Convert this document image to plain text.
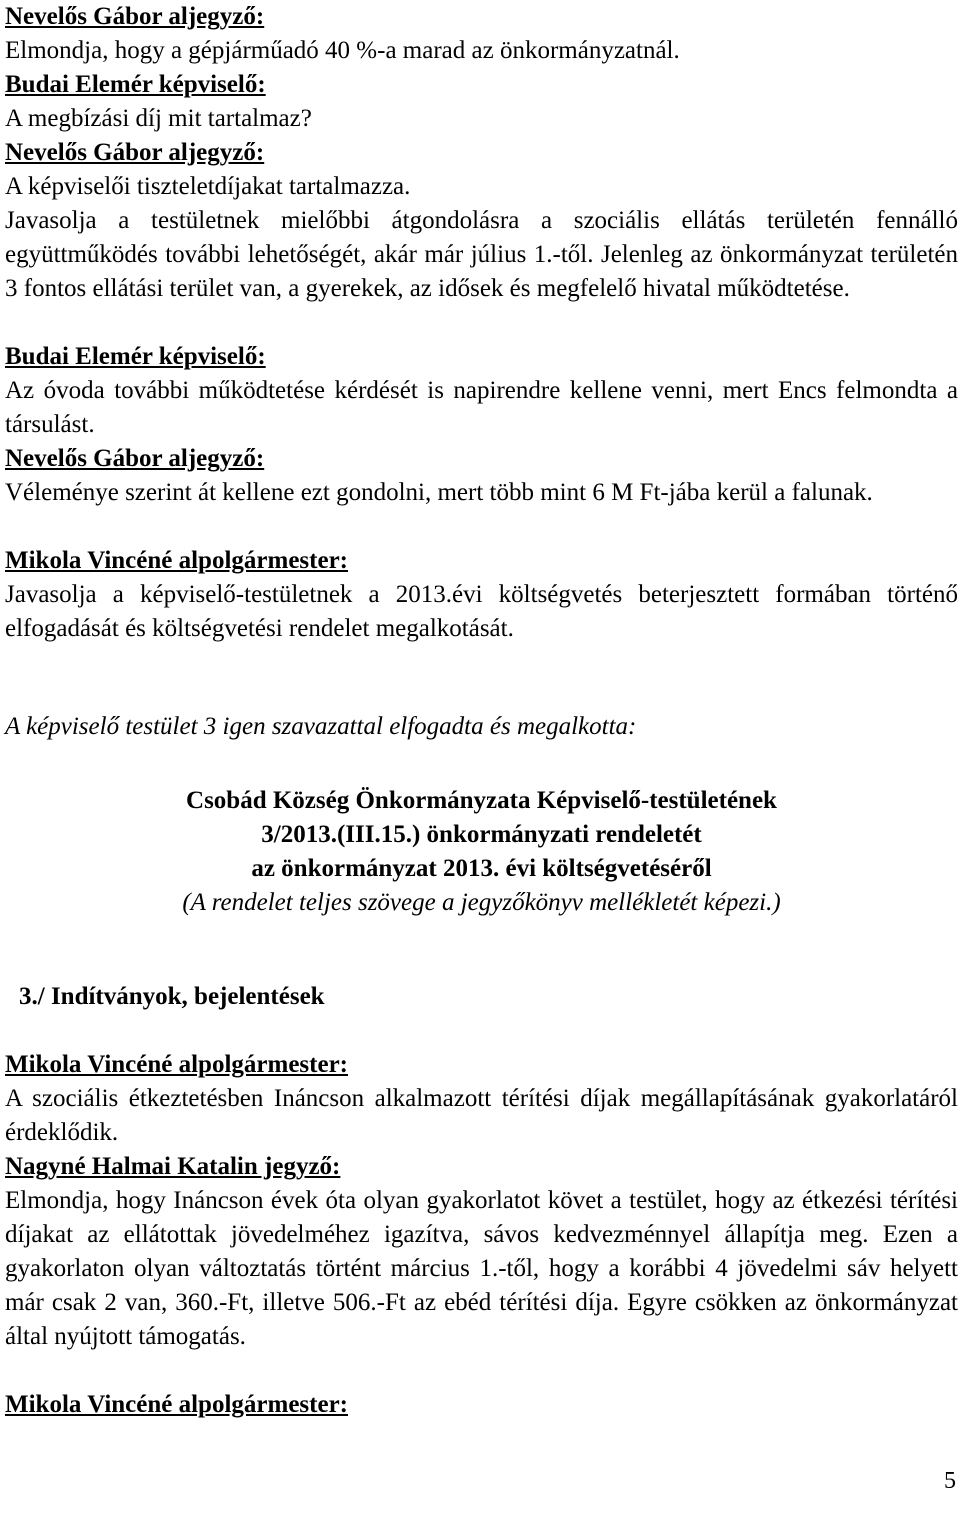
Nevelős Gábor aljegyző:

Elmondja, hogy a gépjárműadó 40 %-a marad az önkormányzatnál.

Budai Elemér képviselő:

A megbízási díj mit tartalmaz?

Nevelős Gábor aljegyző:

A képviselői tiszteletdíjakat tartalmazza.

Javasolja a testületnek mielőbbi átgondolásra a szociális ellátás területén fennálló együttműködés további lehetőségét, akár már július 1.-től. Jelenleg az önkormányzat területén 3 fontos ellátási terület van, a gyerekek, az idősek és megfelelő hivatal működtetése.

Budai Elemér képviselő:

Az óvoda további működtetése kérdését is napirendre kellene venni, mert Encs felmondta a társulást.

Nevelős Gábor aljegyző:

Véleménye szerint át kellene ezt gondolni, mert több mint 6 M Ft-jába kerül a falunak.

Mikola Vincéné alpolgármester:

Javasolja a képviselő-testületnek a 2013.évi költségvetés beterjesztett formában történő elfogadását és költségvetési rendelet megalkotását.

A képviselő testület 3 igen szavazattal elfogadta és megalkotta:

Csobád Község Önkormányzata Képviselő-testületének

3/2013.(III.15.) önkormányzati rendeletét

az önkormányzat 2013. évi költségvetéséről

(A rendelet teljes szövege a jegyzőkönyv mellékletét képezi.)

3./ Indítványok, bejelentések

Mikola Vincéné alpolgármester:

A szociális étkeztetésben Ináncson alkalmazott térítési díjak megállapításának gyakorlatáról érdeklődik.

Nagyné Halmai Katalin jegyző:

Elmondja, hogy Ináncson évek óta olyan gyakorlatot követ a testület, hogy az étkezési térítési díjakat az ellátottak jövedelméhez igazítva, sávos kedvezménnyel állapítja meg. Ezen a gyakorlaton olyan változtatás történt március 1.-től, hogy a korábbi 4 jövedelmi sáv helyett már csak 2 van, 360.-Ft, illetve 506.-Ft az ebéd térítési díja. Egyre csökken az önkormányzat által nyújtott támogatás.

Mikola Vincéné alpolgármester:

5
